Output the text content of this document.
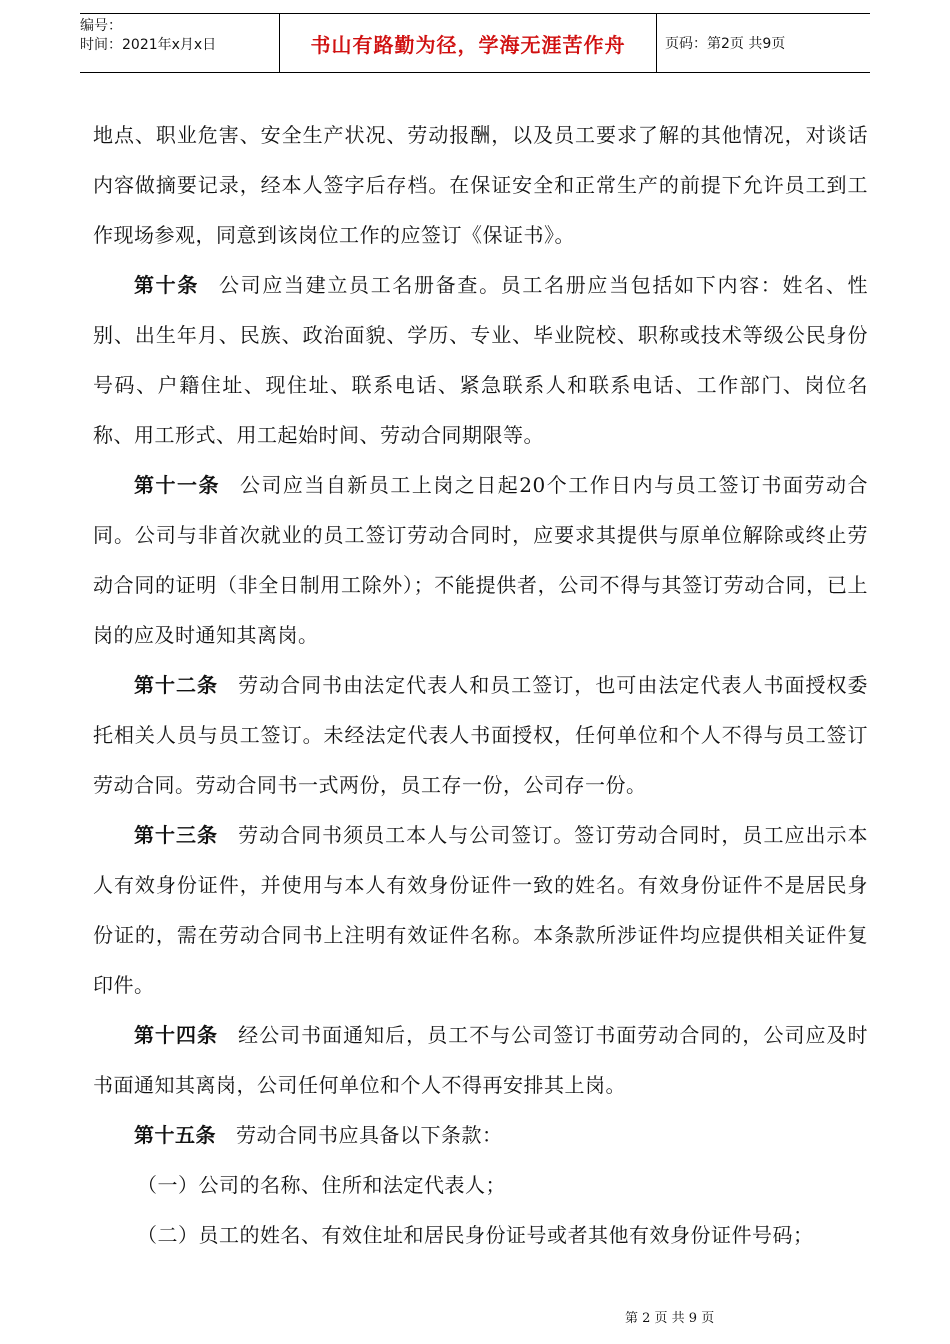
编号：
时间：2021年x月x日	书山有路勤为径，学海无涯苦作舟	页码：第2页 共9页

地点、职业危害、安全生产状况、劳动报酬，以及员工要求了解的其他情况，对谈话内容做摘要记录，经本人签字后存档。在保证安全和正常生产的前提下允许员工到工作现场参观，同意到该岗位工作的应签订《保证书》。

第十条 公司应当建立员工名册备查。员工名册应当包括如下内容：姓名、性别、出生年月、民族、政治面貌、学历、专业、毕业院校、职称或技术等级公民身份号码、户籍住址、现住址、联系电话、紧急联系人和联系电话、工作部门、岗位名称、用工形式、用工起始时间、劳动合同期限等。

第十一条 公司应当自新员工上岗之日起20个工作日内与员工签订书面劳动合同。公司与非首次就业的员工签订劳动合同时，应要求其提供与原单位解除或终止劳动合同的证明（非全日制用工除外）；不能提供者，公司不得与其签订劳动合同，已上岗的应及时通知其离岗。

第十二条 劳动合同书由法定代表人和员工签订，也可由法定代表人书面授权委托相关人员与员工签订。未经法定代表人书面授权，任何单位和个人不得与员工签订劳动合同。劳动合同书一式两份，员工存一份，公司存一份。

第十三条 劳动合同书须员工本人与公司签订。签订劳动合同时，员工应出示本人有效身份证件，并使用与本人有效身份证件一致的姓名。有效身份证件不是居民身份证的，需在劳动合同书上注明有效证件名称。本条款所涉证件均应提供相关证件复印件。

第十四条 经公司书面通知后，员工不与公司签订书面劳动合同的，公司应及时书面通知其离岗，公司任何单位和个人不得再安排其上岗。

第十五条 劳动合同书应具备以下条款：

（一）公司的名称、住所和法定代表人；

（二）员工的姓名、有效住址和居民身份证号或者其他有效身份证件号码；

第 2 页 共 9 页
